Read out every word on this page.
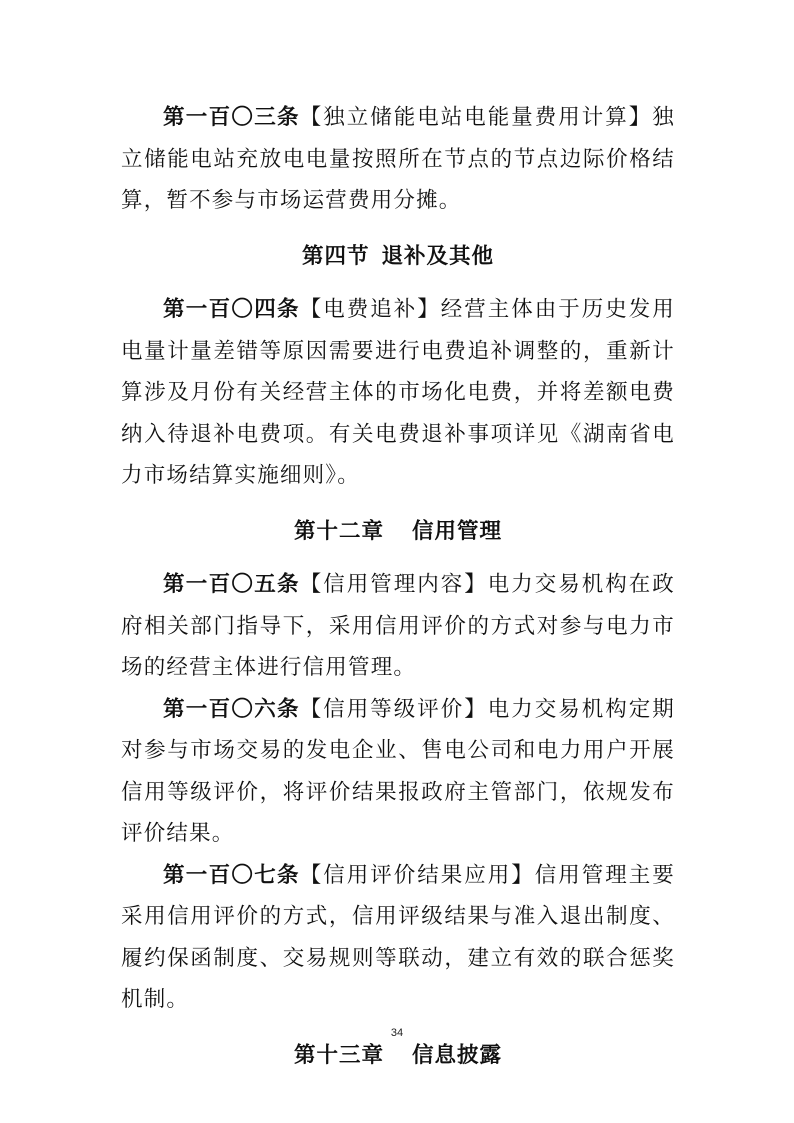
第一百〇三条【独立储能电站电能量费用计算】独立储能电站充放电电量按照所在节点的节点边际价格结算，暂不参与市场运营费用分摊。

第四节 退补及其他

第一百〇四条【电费追补】经营主体由于历史发用电量计量差错等原因需要进行电费追补调整的，重新计算涉及月份有关经营主体的市场化电费，并将差额电费纳入待退补电费项。有关电费退补事项详见《湖南省电力市场结算实施细则》。

第十二章 信用管理

第一百〇五条【信用管理内容】电力交易机构在政府相关部门指导下，采用信用评价的方式对参与电力市场的经营主体进行信用管理。

第一百〇六条【信用等级评价】电力交易机构定期对参与市场交易的发电企业、售电公司和电力用户开展信用等级评价，将评价结果报政府主管部门，依规发布评价结果。

第一百〇七条【信用评价结果应用】信用管理主要采用信用评价的方式，信用评级结果与准入退出制度、履约保函制度、交易规则等联动，建立有效的联合惩奖机制。

第十三章 信息披露
34
